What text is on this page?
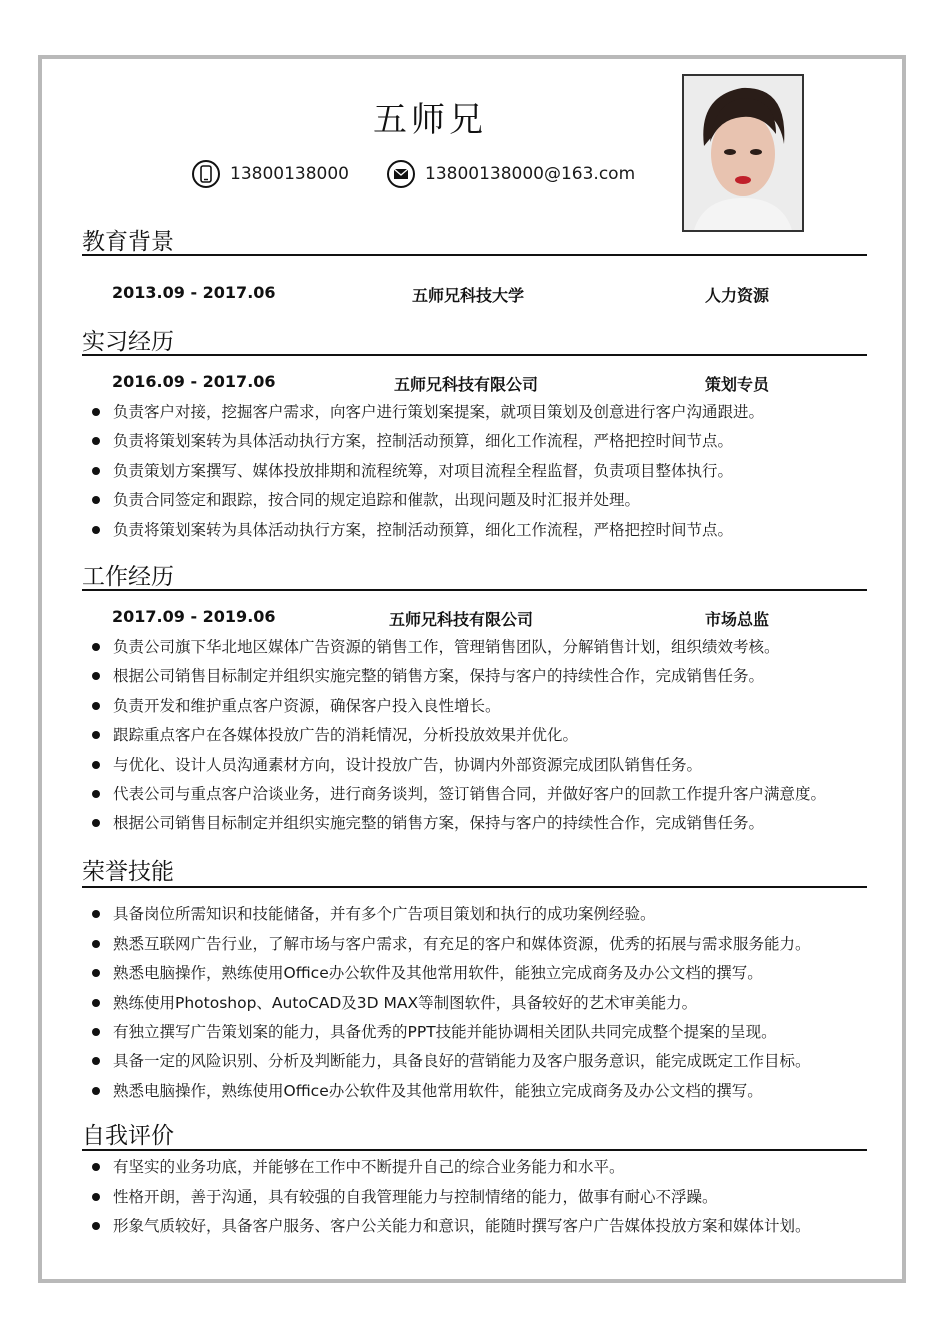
五师兄
13800138000	13800138000@163.com
教育背景
2013.09 - 2017.06	五师兄科技大学	人力资源
实习经历
2016.09 - 2017.06	五师兄科技有限公司	策划专员
负责客户对接，挖掘客户需求，向客户进行策划案提案，就项目策划及创意进行客户沟通跟进。
负责将策划案转为具体活动执行方案，控制活动预算，细化工作流程，严格把控时间节点。
负责策划方案撰写、媒体投放排期和流程统筹，对项目流程全程监督，负责项目整体执行。
负责合同签定和跟踪，按合同的规定追踪和催款，出现问题及时汇报并处理。
负责将策划案转为具体活动执行方案，控制活动预算，细化工作流程，严格把控时间节点。
工作经历
2017.09 - 2019.06	五师兄科技有限公司	市场总监
负责公司旗下华北地区媒体广告资源的销售工作，管理销售团队，分解销售计划，组织绩效考核。
根据公司销售目标制定并组织实施完整的销售方案，保持与客户的持续性合作，完成销售任务。
负责开发和维护重点客户资源，确保客户投入良性增长。
跟踪重点客户在各媒体投放广告的消耗情况，分析投放效果并优化。
与优化、设计人员沟通素材方向，设计投放广告，协调内外部资源完成团队销售任务。
代表公司与重点客户洽谈业务，进行商务谈判，签订销售合同，并做好客户的回款工作提升客户满意度。
根据公司销售目标制定并组织实施完整的销售方案，保持与客户的持续性合作，完成销售任务。
荣誉技能
具备岗位所需知识和技能储备，并有多个广告项目策划和执行的成功案例经验。
熟悉互联网广告行业，了解市场与客户需求，有充足的客户和媒体资源，优秀的拓展与需求服务能力。
熟悉电脑操作，熟练使用Office办公软件及其他常用软件，能独立完成商务及办公文档的撰写。
熟练使用Photoshop、AutoCAD及3D MAX等制图软件，具备较好的艺术审美能力。
有独立撰写广告策划案的能力，具备优秀的PPT技能并能协调相关团队共同完成整个提案的呈现。
具备一定的风险识别、分析及判断能力，具备良好的营销能力及客户服务意识，能完成既定工作目标。
熟悉电脑操作，熟练使用Office办公软件及其他常用软件，能独立完成商务及办公文档的撰写。
自我评价
有坚实的业务功底，并能够在工作中不断提升自己的综合业务能力和水平。
性格开朗，善于沟通，具有较强的自我管理能力与控制情绪的能力，做事有耐心不浮躁。
形象气质较好，具备客户服务、客户公关能力和意识，能随时撰写客户广告媒体投放方案和媒体计划。
